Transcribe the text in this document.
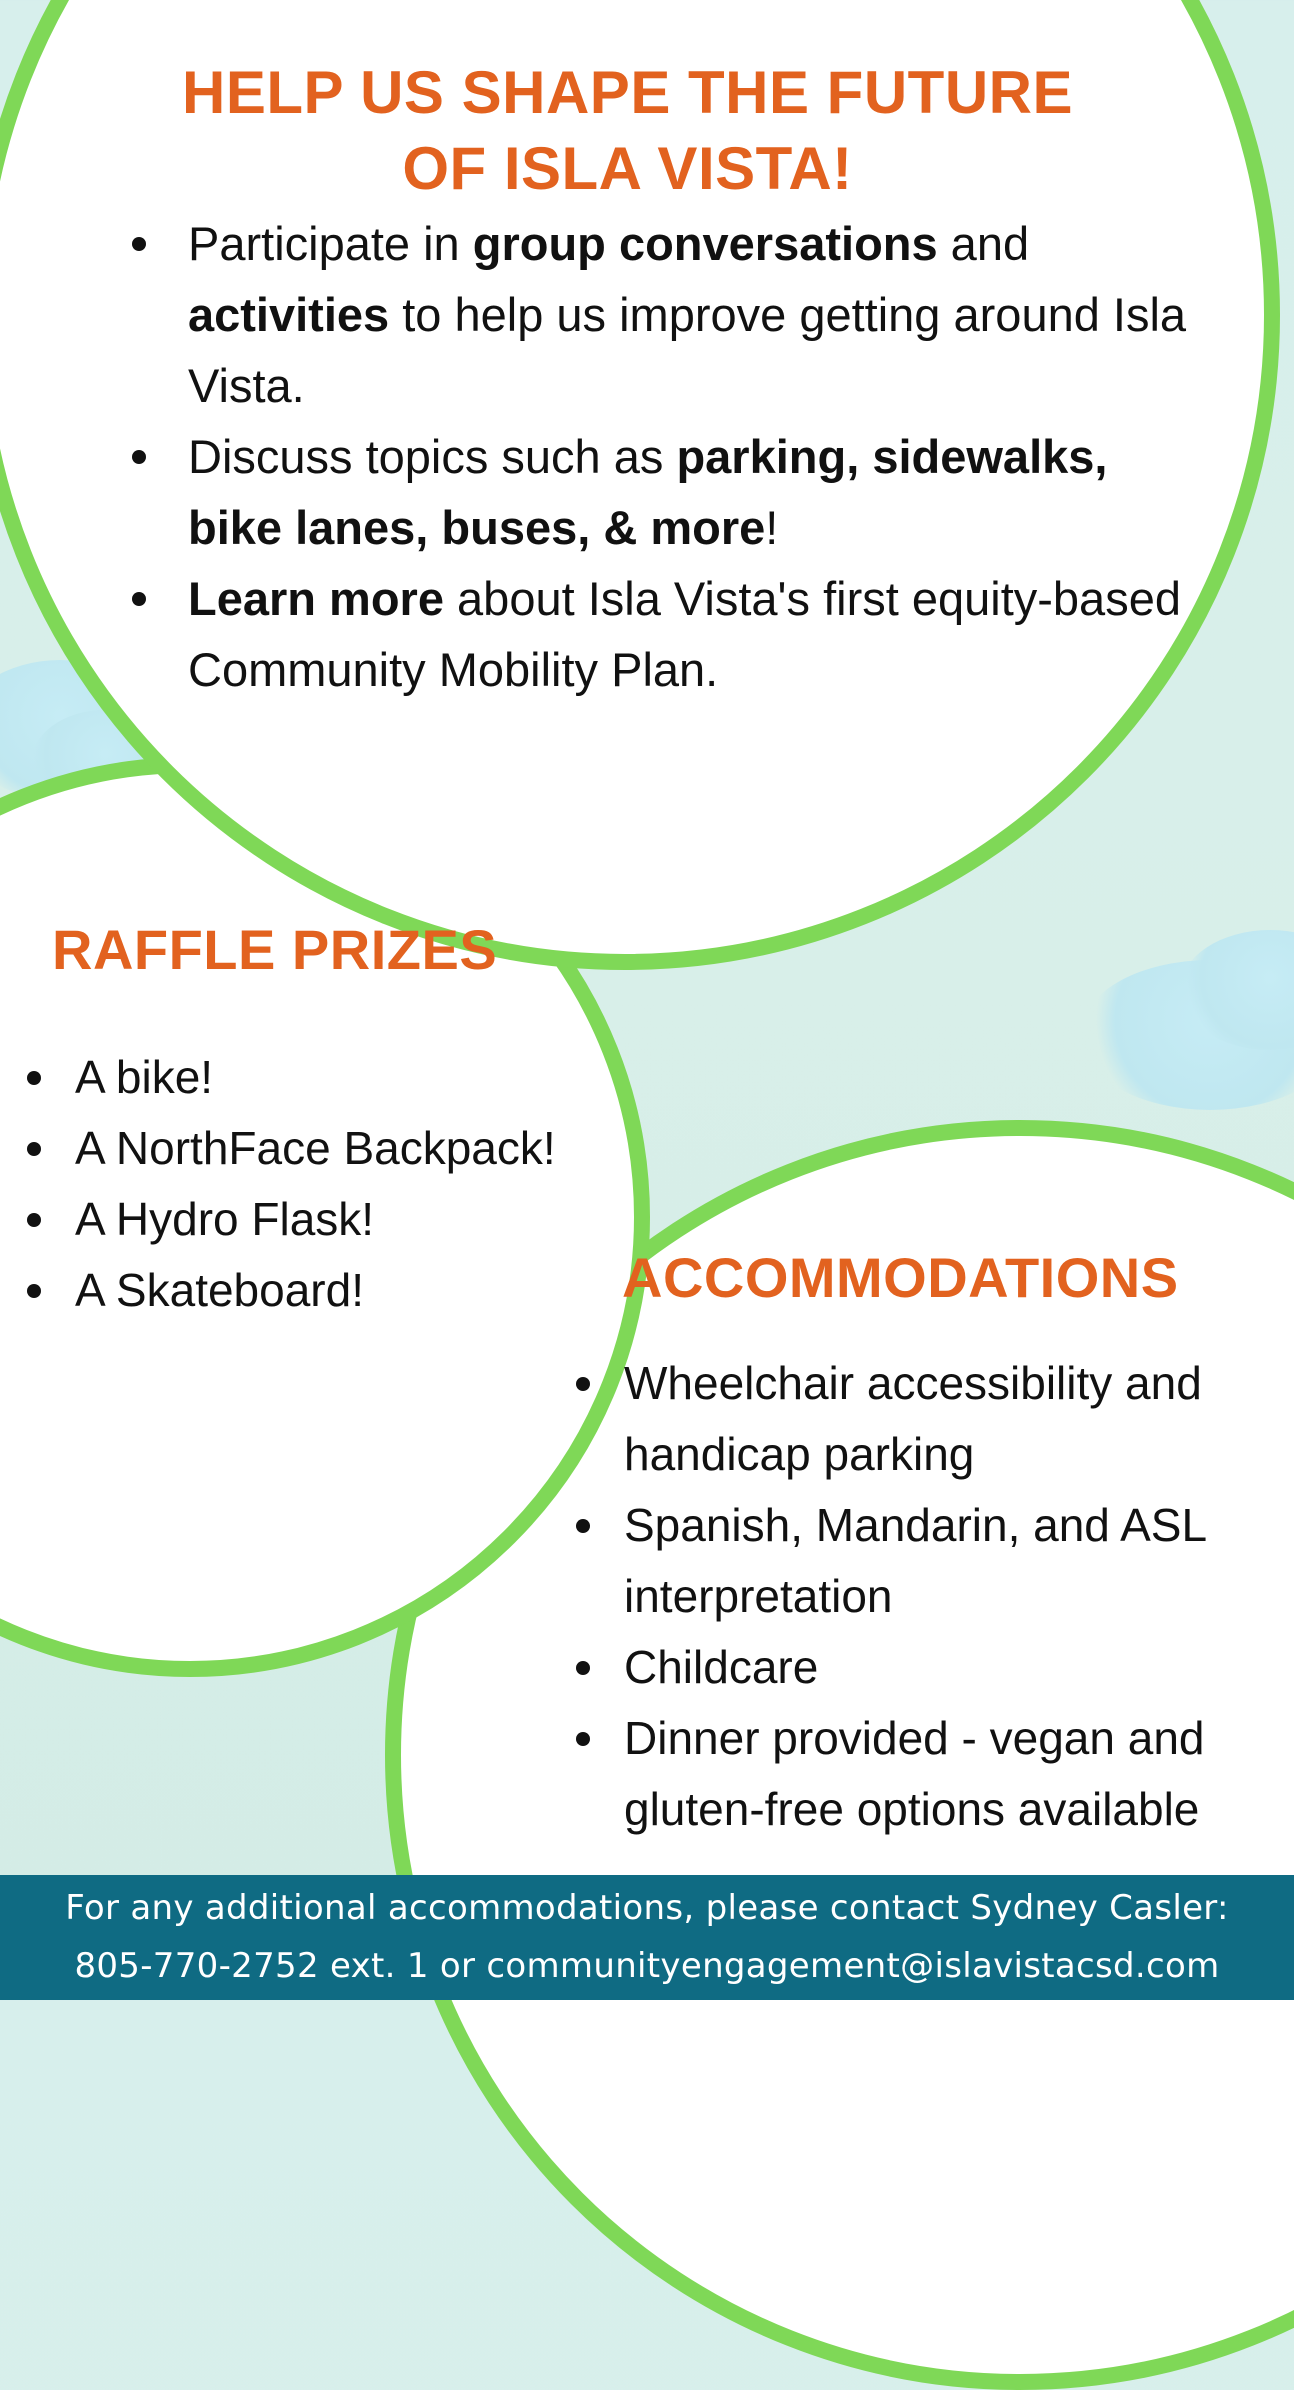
HELP US SHAPE THE FUTURE
OF ISLA VISTA!
Participate in group conversations and activities to help us improve getting around Isla Vista.
Discuss topics such as parking, sidewalks, bike lanes, buses, & more!
Learn more about Isla Vista's first equity-based Community Mobility Plan.
RAFFLE PRIZES
A bike!
A NorthFace Backpack!
A Hydro Flask!
A Skateboard!	ACCOMMODATIONS
Wheelchair accessibility and handicap parking
Spanish, Mandarin, and ASL interpretation
Childcare
Dinner provided - vegan and gluten-free options available

For any additional accommodations, please contact Sydney Casler:

805-770-2752 ext. 1 or communityengagement@islavistacsd.com
